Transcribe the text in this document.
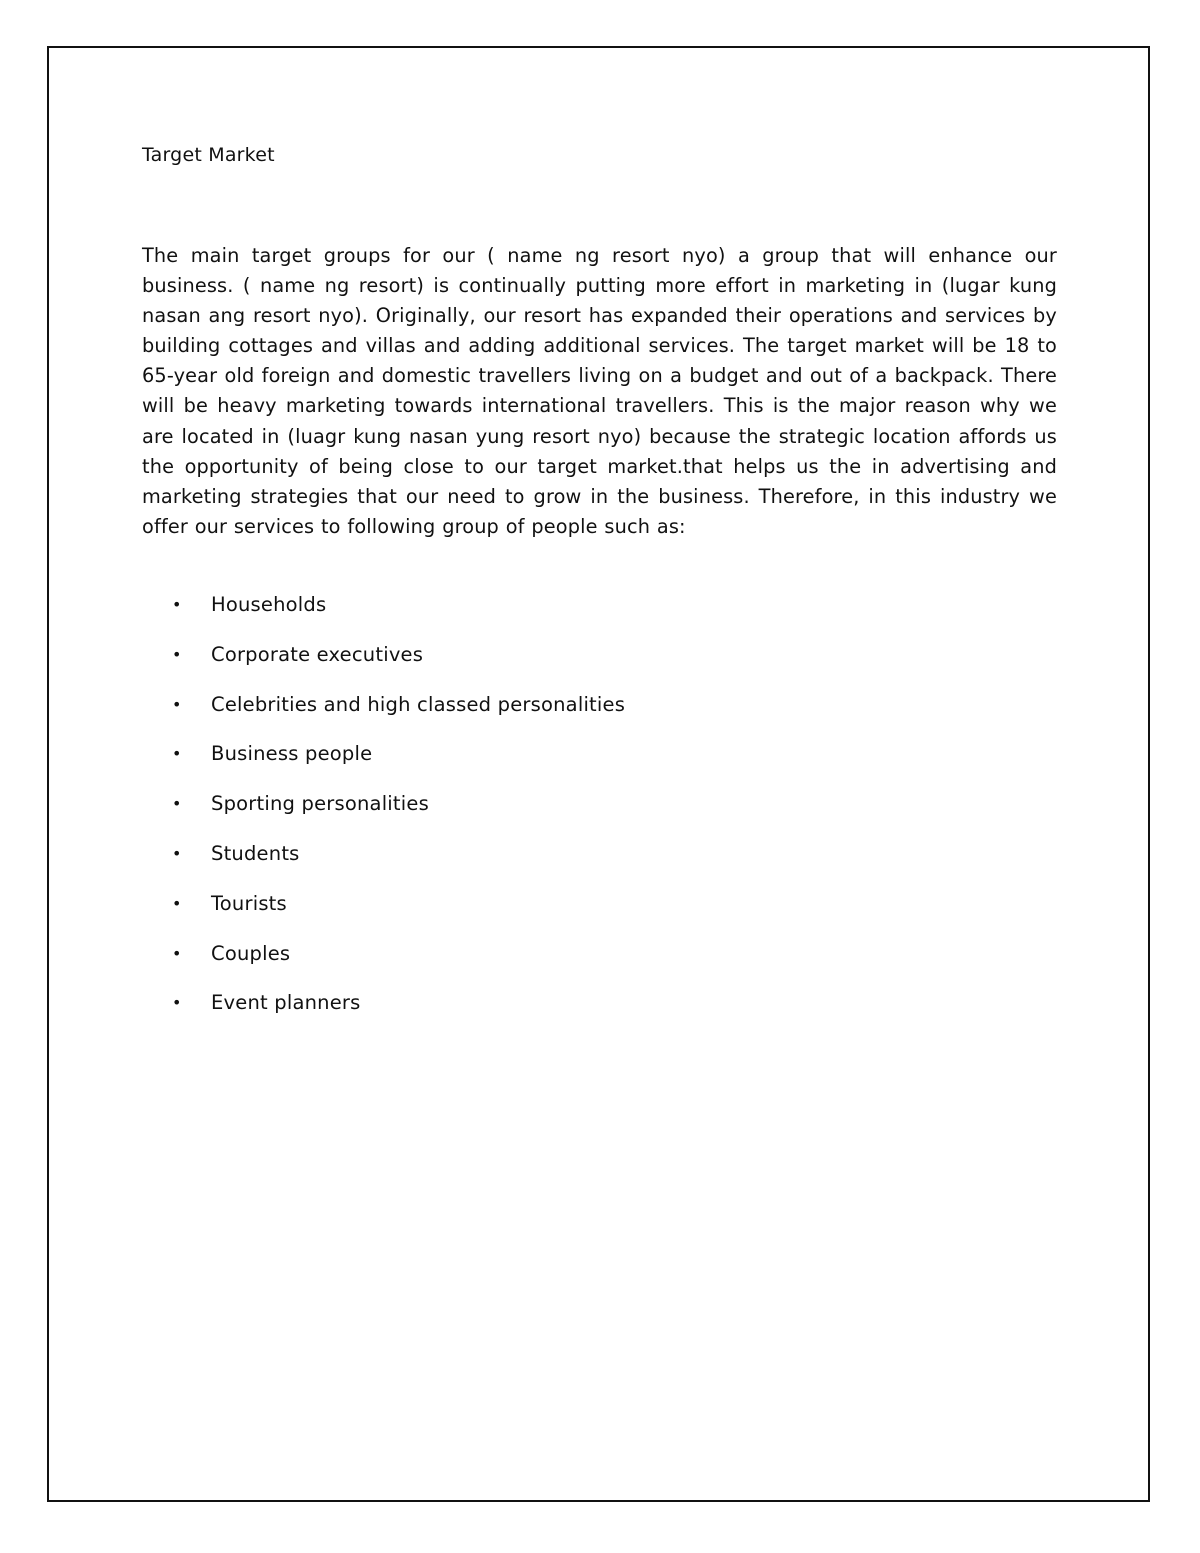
Target Market

The main target groups for our ( name ng resort nyo) a group that will enhance our business. ( name ng resort) is continually putting more effort in marketing in (lugar kung nasan ang resort nyo). Originally, our resort has expanded their operations and services by building cottages and villas and adding additional services. The target market will be 18 to 65-year old foreign and domestic travellers living on a budget and out of a backpack. There will be heavy marketing towards international travellers. This is the major reason why we are located in (luagr kung nasan yung resort nyo) because the strategic location affords us the opportunity of being close to our target market.that helps us the in advertising and marketing strategies that our need to grow in the business. Therefore, in this industry we offer our services to following group of people such as:

• Households
• Corporate executives
• Celebrities and high classed personalities
• Business people
• Sporting personalities
• Students
• Tourists
• Couples
• Event planners
